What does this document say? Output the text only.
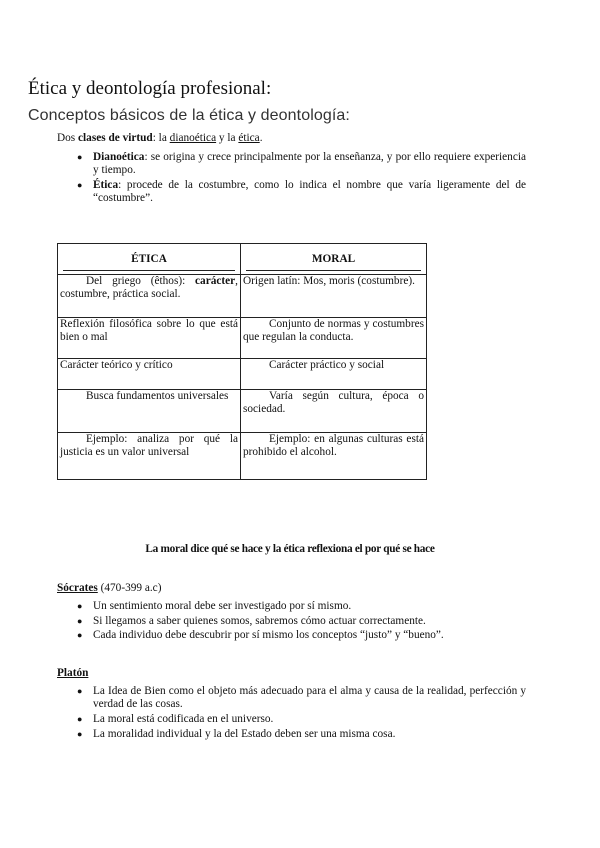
Ética y deontología profesional:
Conceptos básicos de la ética y deontología:
Dos clases de virtud: la dianoética y la ética.
● Dianoética: se origina y crece principalmente por la enseñanza, y por ello requiere experiencia y tiempo.
● Ética: procede de la costumbre, como lo indica el nombre que varía ligeramente del de “costumbre”.
ÉTICA	MORAL

Del griego (êthos): carácter, costumbre, práctica social.	Origen latín: Mos, moris (costumbre).
Reflexión filosófica sobre lo que está bien o mal	Conjunto de normas y costumbres que regulan la conducta.
Carácter teórico y crítico	Carácter práctico y social
Busca fundamentos universales	Varía según cultura, época o sociedad.
Ejemplo: analiza por qué la justicia es un valor universal	Ejemplo: en algunas culturas está prohibido el alcohol.
La moral dice qué se hace y la ética reflexiona el por qué se hace
Sócrates (470-399 a.c)
● Un sentimiento moral debe ser investigado por sí mismo.
● Si llegamos a saber quienes somos, sabremos cómo actuar correctamente.
● Cada individuo debe descubrir por sí mismo los conceptos “justo” y “bueno”.
Platón
● La Idea de Bien como el objeto más adecuado para el alma y causa de la realidad, perfección y verdad de las cosas.
● La moral está codificada en el universo.
● La moralidad individual y la del Estado deben ser una misma cosa.
